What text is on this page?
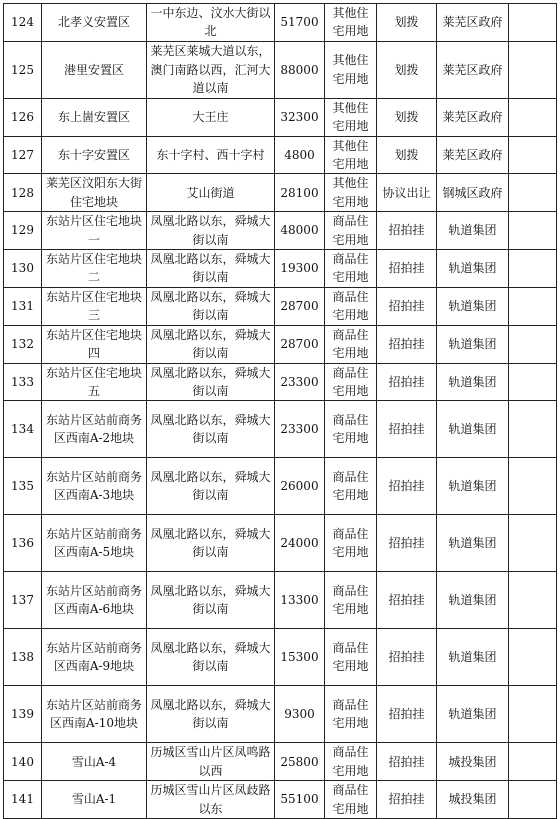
124	北孝义安置区	一中东边、汶水大街以北	51700	其他住宅用地	划拨	莱芜区政府	
125	港里安置区	莱芜区莱城大道以东，澳门南路以西，汇河大道以南	88000	其他住宅用地	划拨	莱芜区政府	
126	东上崮安置区	大王庄	32300	其他住宅用地	划拨	莱芜区政府	
127	东十字安置区	东十字村、西十字村	4800	其他住宅用地	划拨	莱芜区政府	
128	莱芜区汶阳东大街住宅地块	艾山街道	28100	其他住宅用地	协议出让	钢城区政府	
129	东站片区住宅地块一	凤凰北路以东，舜城大街以南	48000	商品住宅用地	招拍挂	轨道集团	
130	东站片区住宅地块二	凤凰北路以东，舜城大街以南	19300	商品住宅用地	招拍挂	轨道集团	
131	东站片区住宅地块三	凤凰北路以东，舜城大街以南	28700	商品住宅用地	招拍挂	轨道集团	
132	东站片区住宅地块四	凤凰北路以东，舜城大街以南	28700	商品住宅用地	招拍挂	轨道集团	
133	东站片区住宅地块五	凤凰北路以东，舜城大街以南	23300	商品住宅用地	招拍挂	轨道集团	
134	东站片区站前商务区西南A-2地块	凤凰北路以东，舜城大街以南	23300	商品住宅用地	招拍挂	轨道集团	
135	东站片区站前商务区西南A-3地块	凤凰北路以东，舜城大街以南	26000	商品住宅用地	招拍挂	轨道集团	
136	东站片区站前商务区西南A-5地块	凤凰北路以东，舜城大街以南	24000	商品住宅用地	招拍挂	轨道集团	
137	东站片区站前商务区西南A-6地块	凤凰北路以东，舜城大街以南	13300	商品住宅用地	招拍挂	轨道集团	
138	东站片区站前商务区西南A-9地块	凤凰北路以东，舜城大街以南	15300	商品住宅用地	招拍挂	轨道集团	
139	东站片区站前商务区西南A-10地块	凤凰北路以东，舜城大街以南	9300	商品住宅用地	招拍挂	轨道集团	
140	雪山A-4	历城区雪山片区凤鸣路以西	25800	商品住宅用地	招拍挂	城投集团	
141	雪山A-1	历城区雪山片区凤歧路以东	55100	商品住宅用地	招拍挂	城投集团	
